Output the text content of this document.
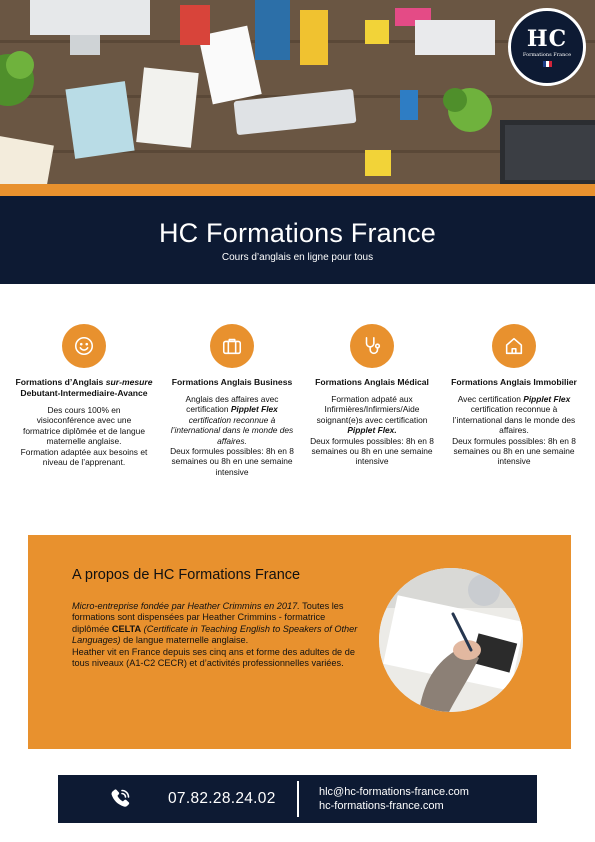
HC
Formations France
HC Formations France
Cours d’anglais en ligne pour tous
Formations d’Anglais sur-mesure
Debutant-Intermediaire-Avance

Des cours 100% en visioconférence avec une formatrice diplômée et de langue maternelle anglaise.
Formation adaptée aux besoins et niveau de l’apprenant.

Formations Anglais Business

Anglais des affaires avec certification Pipplet Flex certification reconnue à l’international dans le monde des affaires.
Deux formules possibles: 8h en 8 semaines ou 8h en une semaine intensive

Formations Anglais Médical

Formation adpaté aux Infirmières/Infirmiers/Aide soignant(e)s avec certification Pipplet Flex.
Deux formules possibles: 8h en 8 semaines ou 8h en une semaine intensive

Formations Anglais Immobilier

Avec certification Pipplet Flex certification reconnue à l’international dans le monde des affaires.
Deux formules possibles: 8h en 8 semaines ou 8h en une semaine intensive

A propos de HC Formations France
Micro-entreprise fondée par Heather Crimmins en 2017. Toutes les formations sont dispensées par Heather Crimmins - formatrice diplômée CELTA (Certificate in Teaching English to Speakers of Other Languages) de langue maternelle anglaise.
Heather vit en France depuis ses cinq ans et forme des adultes de de tous niveaux (A1-C2 CECR) et d’activités professionnelles variées.
07.82.28.24.02	hlc@hc-formations-france.com
hc-formations-france.com
